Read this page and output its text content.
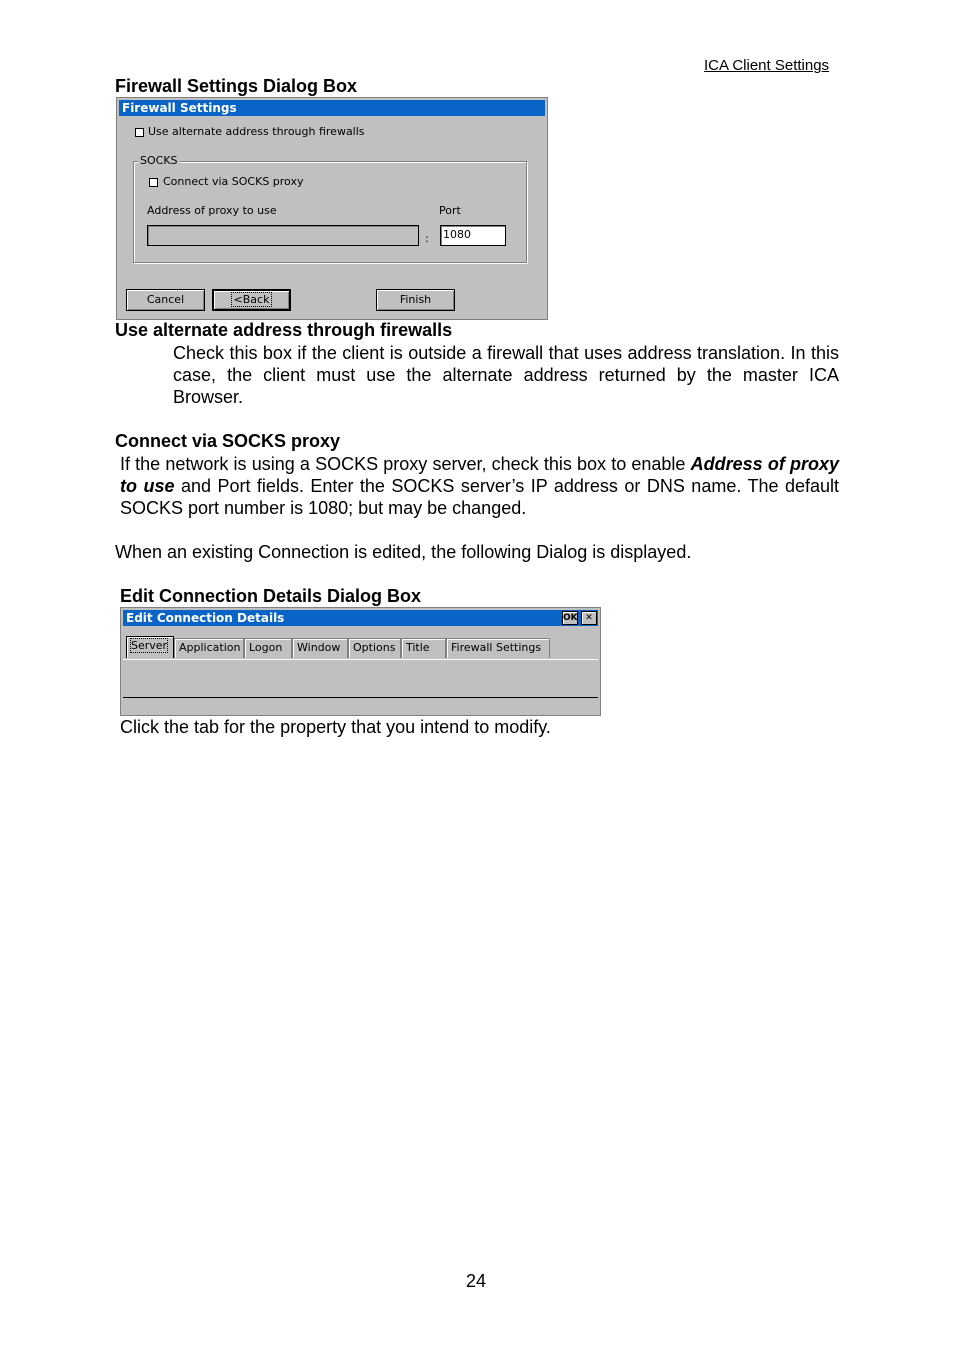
ICA Client Settings
Firewall Settings Dialog Box
Firewall Settings
Use alternate address through firewalls
SOCKS
Connect via SOCKS proxy
Address of proxy to use	Port
: 1080
Cancel	<Back	Finish
Use alternate address through firewalls
Check this box if the client is outside a firewall that uses address translation. In this case, the client must use the alternate address returned by the master ICA Browser.
Connect via SOCKS proxy
If the network is using a SOCKS proxy server, check this box to enable Address of proxy to use and Port fields. Enter the SOCKS server’s IP address or DNS name. The default SOCKS port number is 1080; but may be changed.
When an existing Connection is edited, the following Dialog is displayed.
Edit Connection Details Dialog Box
Edit Connection Details	OK ✕
Server	Application Logon	Window	Options Title	Firewall Settings
Click the tab for the property that you intend to modify.
24
